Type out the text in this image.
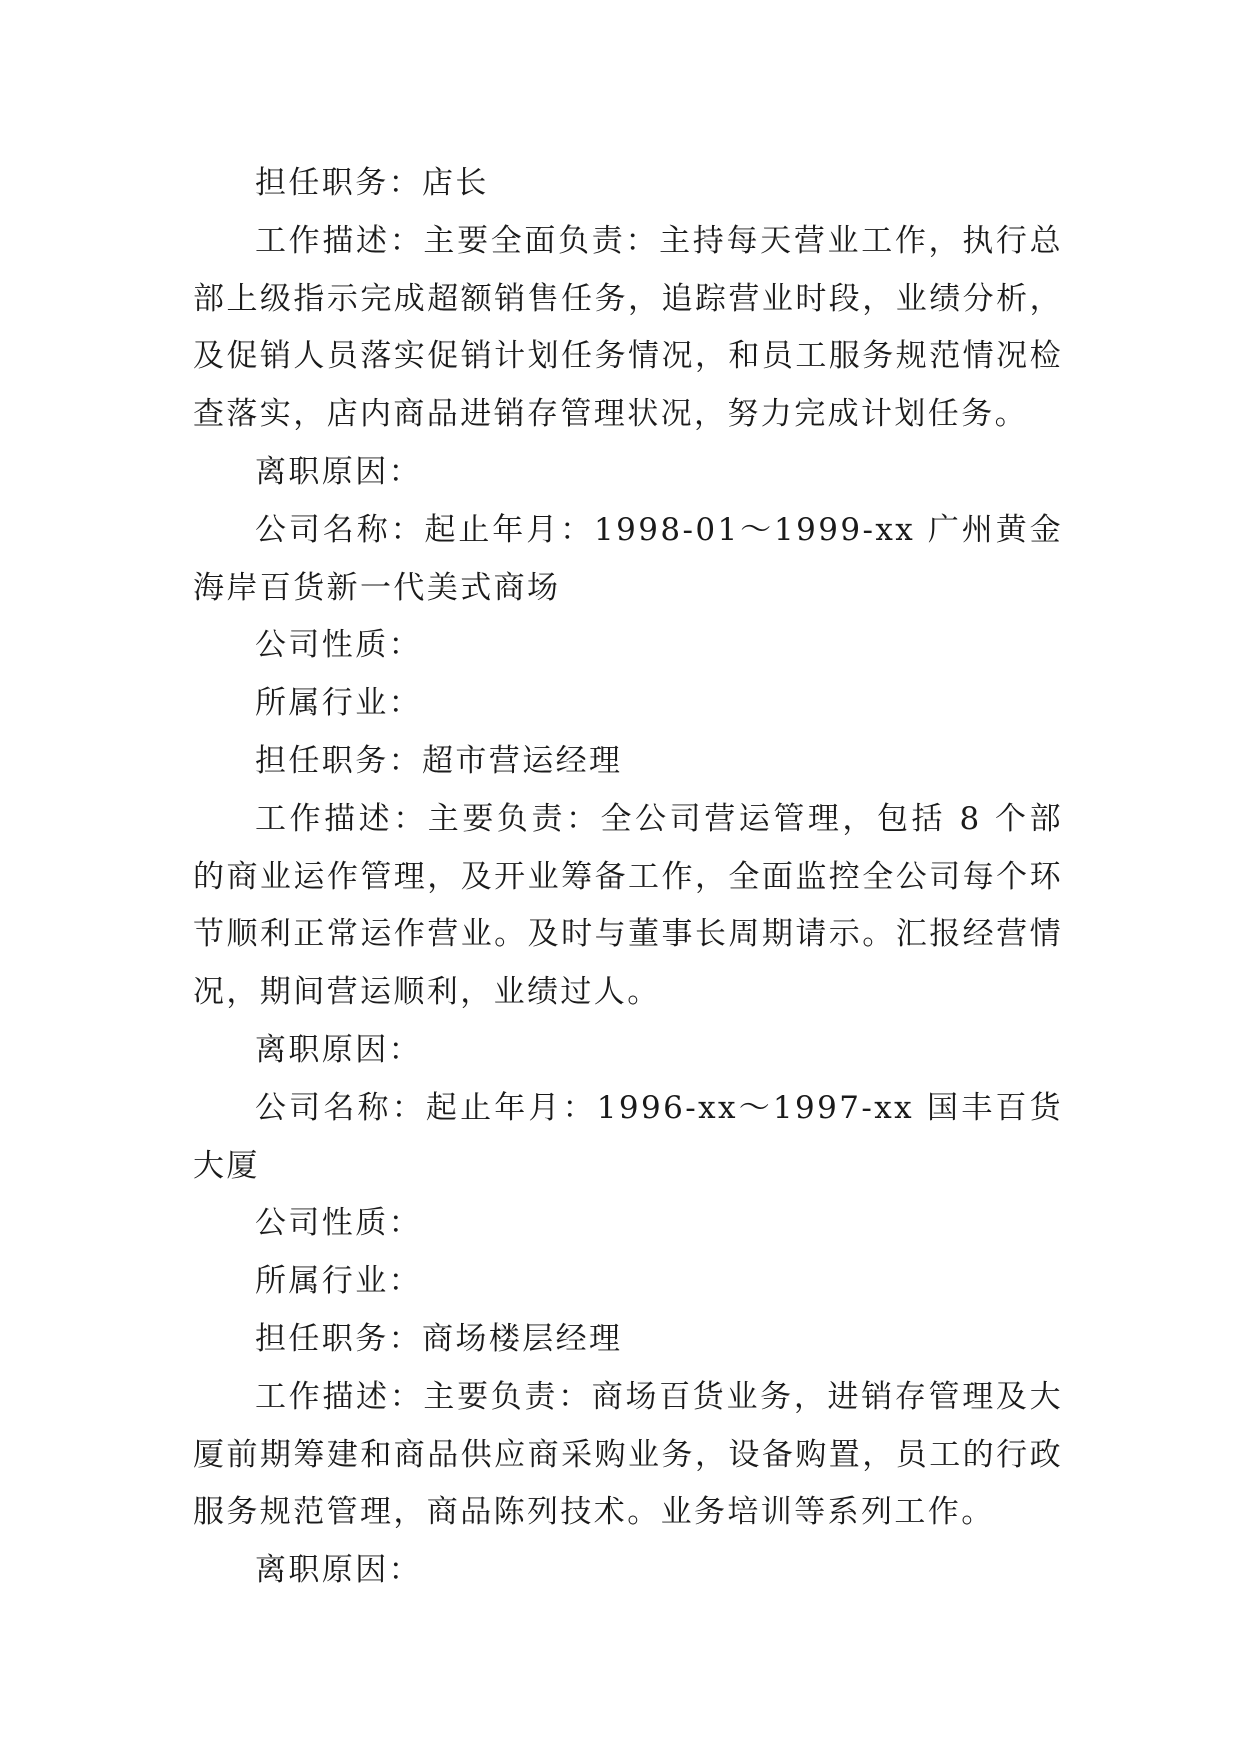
担任职务：店长

工作描述：主要全面负责：主持每天营业工作，执行总部上级指示完成超额销售任务，追踪营业时段，业绩分析，及促销人员落实促销计划任务情况，和员工服务规范情况检查落实，店内商品进销存管理状况，努力完成计划任务。

离职原因：

公司名称：起止年月：1998-01～1999-xx 广州黄金海岸百货新一代美式商场

公司性质：

所属行业：

担任职务：超市营运经理

工作描述：主要负责：全公司营运管理，包括 8 个部的商业运作管理，及开业筹备工作，全面监控全公司每个环节顺利正常运作营业。及时与董事长周期请示。汇报经营情况，期间营运顺利，业绩过人。

离职原因：

公司名称：起止年月：1996-xx～1997-xx 国丰百货大厦

公司性质：

所属行业：

担任职务：商场楼层经理

工作描述：主要负责：商场百货业务，进销存管理及大厦前期筹建和商品供应商采购业务，设备购置，员工的行政服务规范管理，商品陈列技术。业务培训等系列工作。

离职原因：
